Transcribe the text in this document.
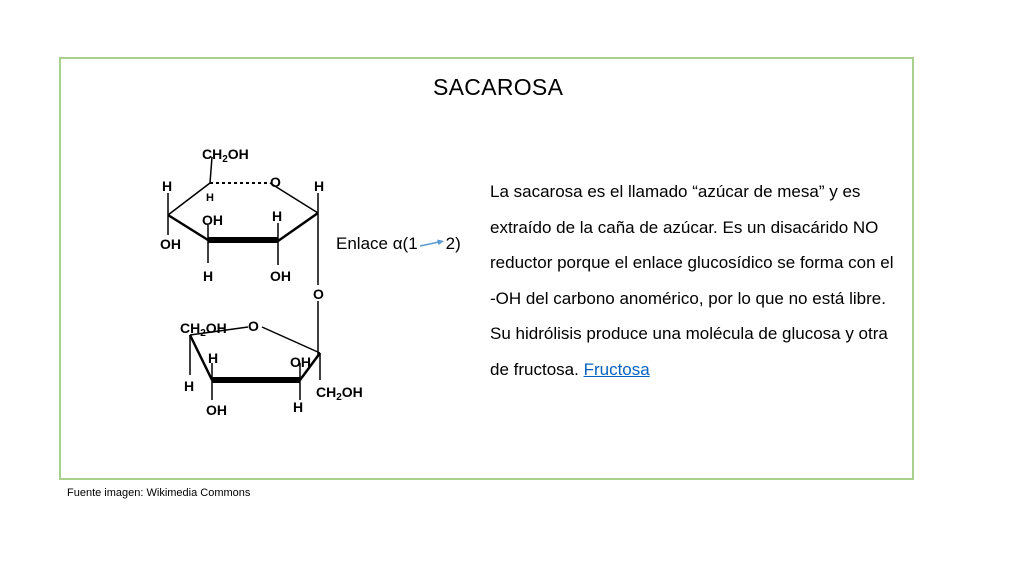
SACAROSA
$CH_2OH$
O
H
H
H
OH	H
OH
H	OH
O
$CH_2OH$ O
H	OH
H
OH	H
$CH_2OH$
Enlace α(1 2)
La sacarosa es el llamado “azúcar de mesa” y es extraído de la caña de azúcar. Es un disacárido NO reductor porque el enlace glucosídico se forma con el -OH del carbono anomérico, por lo que no está libre. Su hidrólisis produce una molécula de glucosa y otra de fructosa. Fructosa
Fuente imagen: Wikimedia Commons
